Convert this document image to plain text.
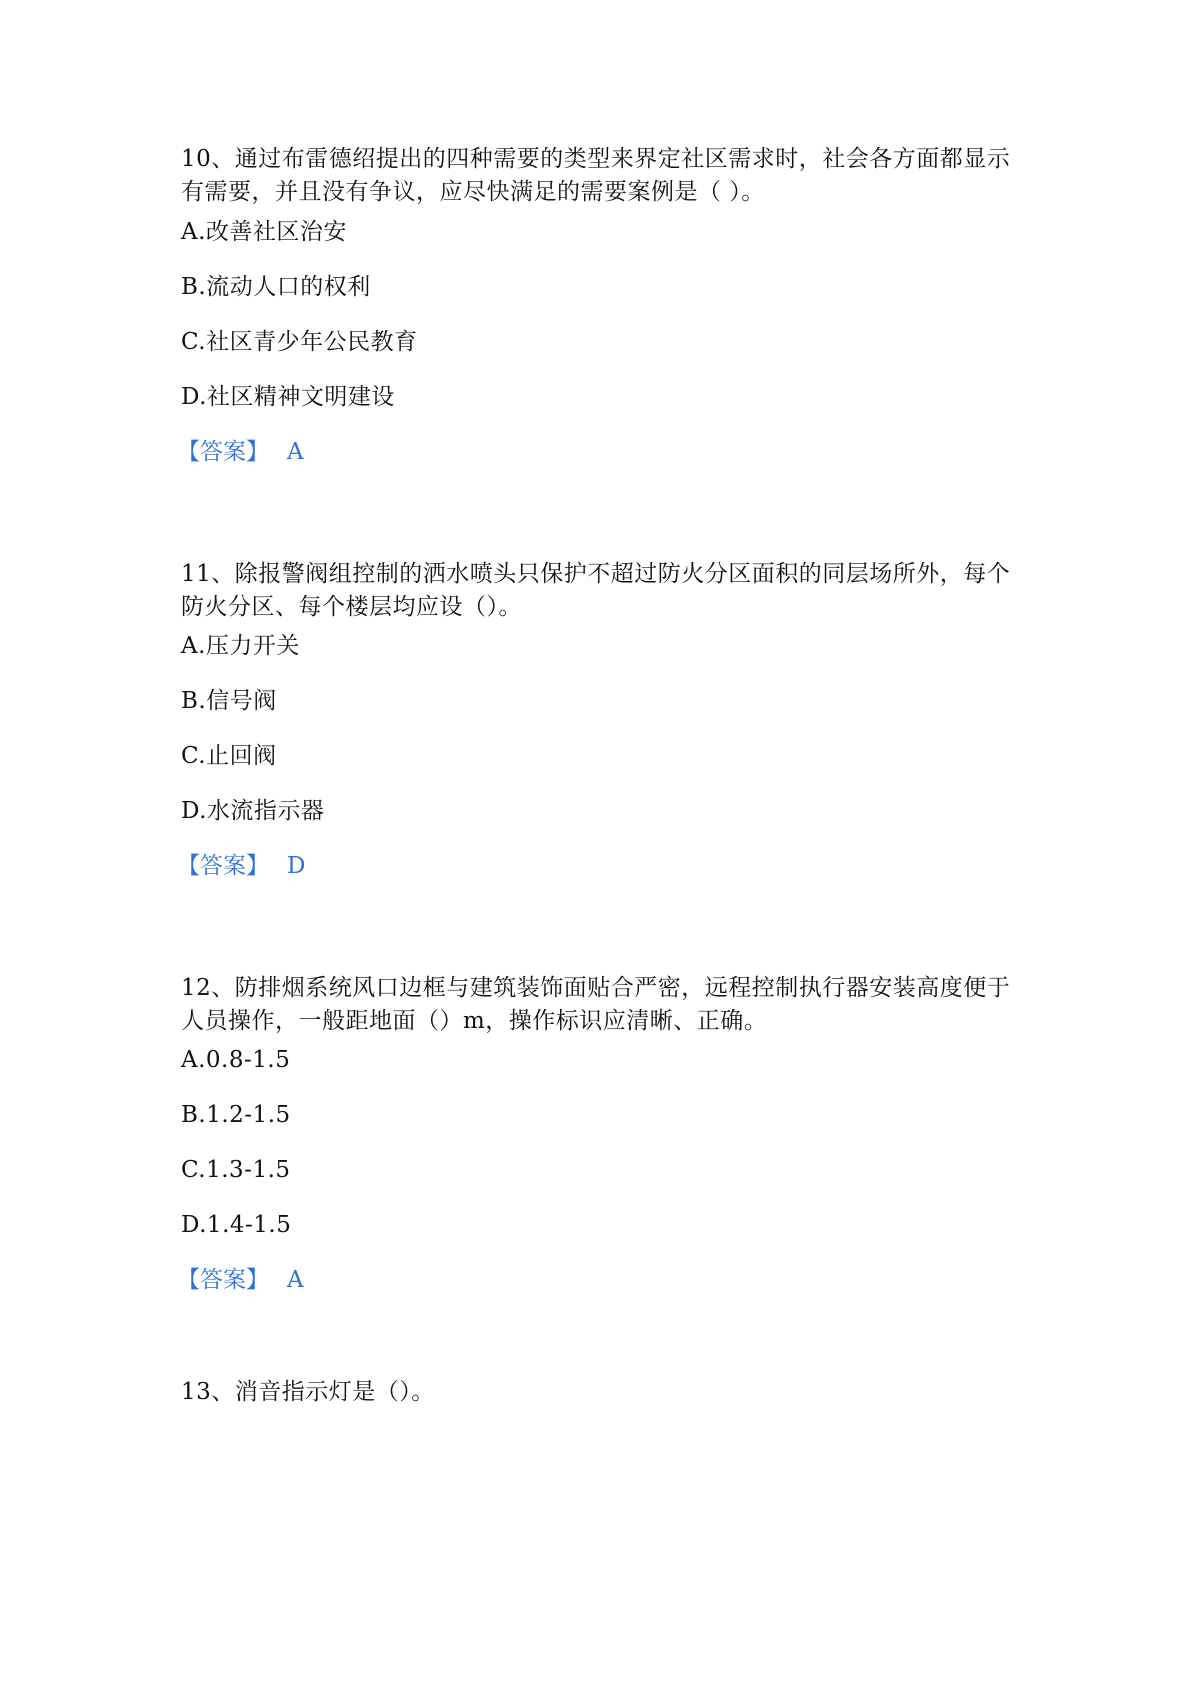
10、通过布雷德绍提出的四种需要的类型来界定社区需求时，社会各方面都显示有需要，并且没有争议，应尽快满足的需要案例是（ ）。
A.改善社区治安
B.流动人口的权利
C.社区青少年公民教育
D.社区精神文明建设
【答案】 A
11、除报警阀组控制的洒水喷头只保护不超过防火分区面积的同层场所外，每个防火分区、每个楼层均应设（）。
A.压力开关
B.信号阀
C.止回阀
D.水流指示器
【答案】 D
12、防排烟系统风口边框与建筑装饰面贴合严密，远程控制执行器安装高度便于人员操作，一般距地面（）m，操作标识应清晰、正确。
A.0.8-1.5
B.1.2-1.5
C.1.3-1.5
D.1.4-1.5
【答案】 A
13、消音指示灯是（）。
